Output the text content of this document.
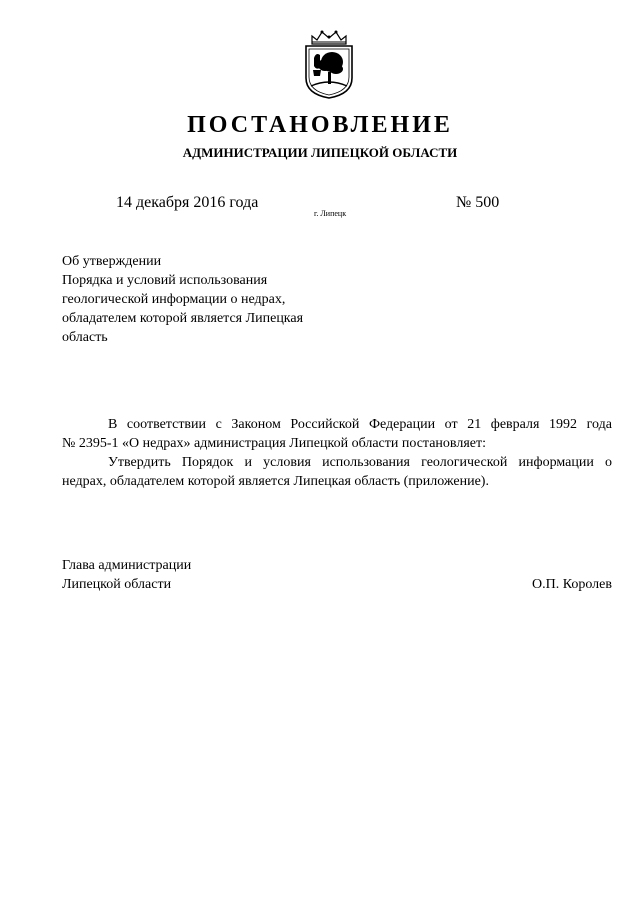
ПОСТАНОВЛЕНИЕ
АДМИНИСТРАЦИИ ЛИПЕЦКОЙ ОБЛАСТИ
14 декабря 2016 года
г. Липецк
№ 500
Об утверждении
Порядка и условий использования
геологической информации о недрах,
обладателем которой является Липецкая
область
В соответствии с Законом Российской Федерации от 21 февраля 1992 года
№ 2395-1 «О недрах» администрация Липецкой области постановляет:
Утвердить Порядок и условия использования геологической информации о
недрах, обладателем которой является Липецкая область (приложение).
Глава администрации
Липецкой области	О.П. Королев
